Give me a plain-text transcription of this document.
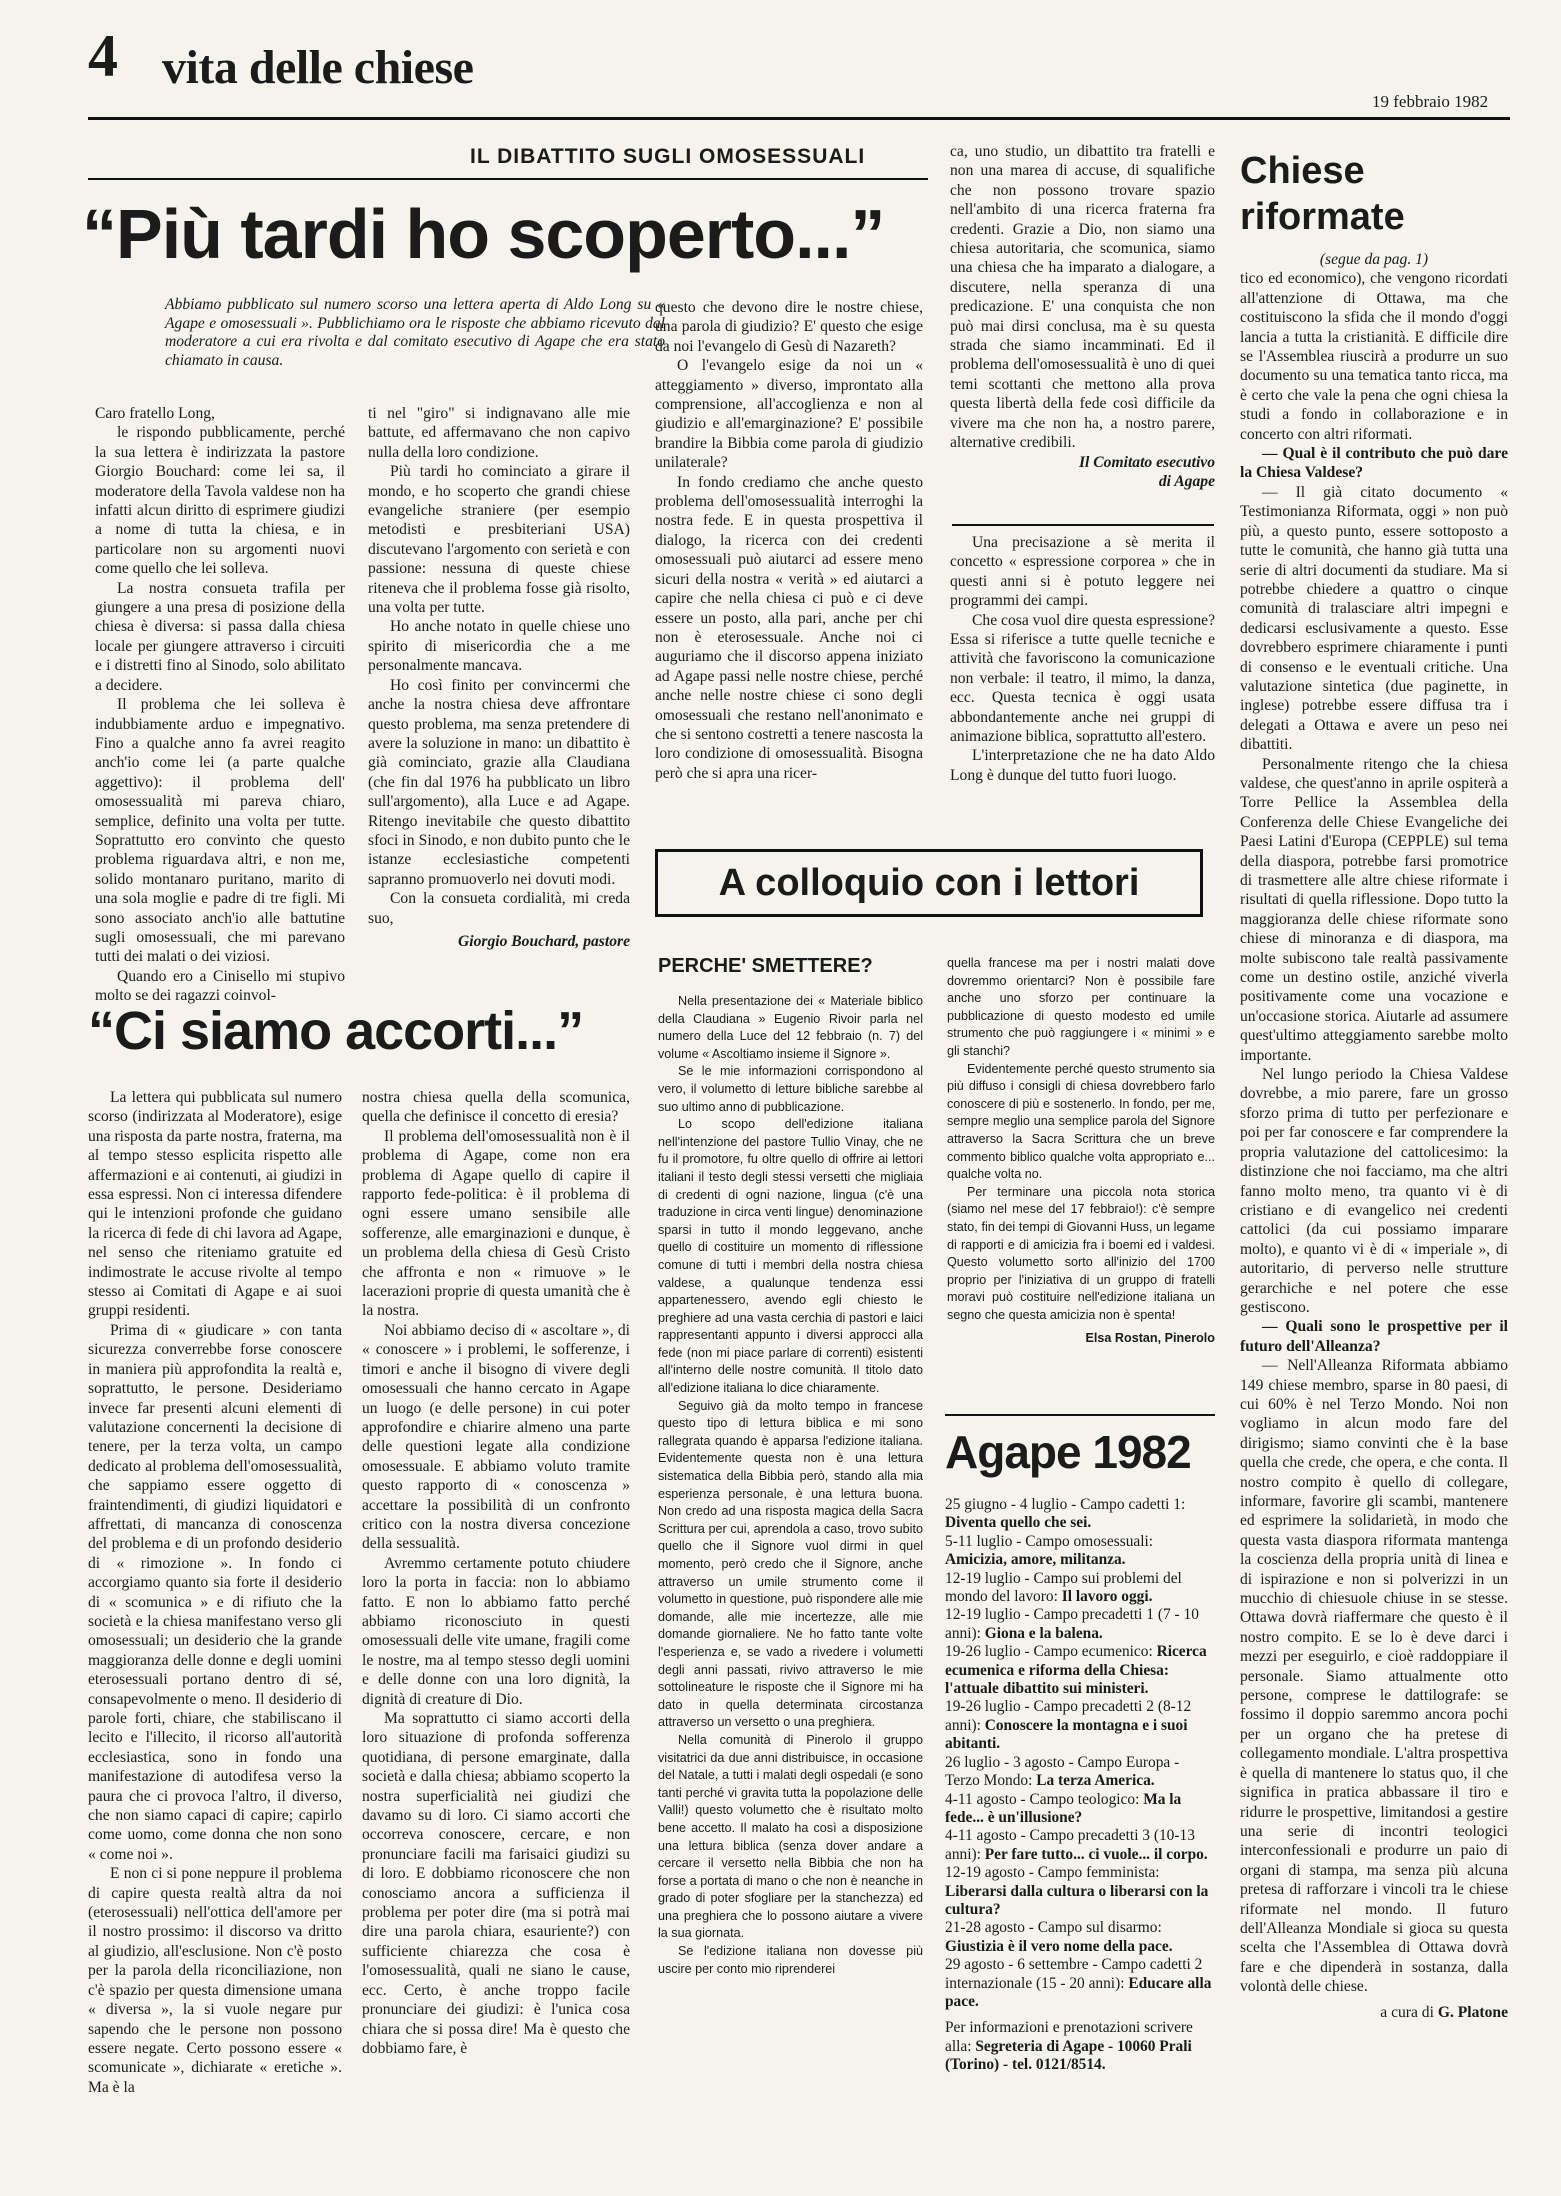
4 vita delle chiese
19 febbraio 1982
IL DIBATTITO SUGLI OMOSESSUALI
“Più tardi ho scoperto...”
Abbiamo pubblicato sul numero scorso una lettera aperta di Aldo Long su « Agape e omosessuali ». Pubblichiamo ora le risposte che abbiamo ricevuto dal moderatore a cui era rivolta e dal comitato esecutivo di Agape che era stato chiamato in causa.

Caro fratello Long,

le rispondo pubblicamente, perché la sua lettera è indirizzata la pastore Giorgio Bouchard: come lei sa, il moderatore della Tavola valdese non ha infatti alcun diritto di esprimere giudizi a nome di tutta la chiesa, e in particolare non su argomenti nuovi come quello che lei solleva.

La nostra consueta trafila per giungere a una presa di posizione della chiesa è diversa: si passa dalla chiesa locale per giungere attraverso i circuiti e i distretti fino al Sinodo, solo abilitato a decidere.

Il problema che lei solleva è indubbiamente arduo e impegnativo. Fino a qualche anno fa avrei reagito anch'io come lei (a parte qualche aggettivo): il problema dell' omosessualità mi pareva chiaro, semplice, definito una volta per tutte. Soprattutto ero convinto che questo problema riguardava altri, e non me, solido montanaro puritano, marito di una sola moglie e padre di tre figli. Mi sono associato anch'io alle battutine sugli omosessuali, che mi parevano tutti dei malati o dei viziosi.

Quando ero a Cinisello mi stupivo molto se dei ragazzi coinvol-

ti nel "giro" si indignavano alle mie battute, ed affermavano che non capivo nulla della loro condizione.

Più tardi ho cominciato a girare il mondo, e ho scoperto che grandi chiese evangeliche straniere (per esempio metodisti e presbiteriani USA) discutevano l'argomento con serietà e con passione: nessuna di queste chiese riteneva che il problema fosse già risolto, una volta per tutte.

Ho anche notato in quelle chiese uno spirito di misericordia che a me personalmente mancava.

Ho così finito per convincermi che anche la nostra chiesa deve affrontare questo problema, ma senza pretendere di avere la soluzione in mano: un dibattito è già cominciato, grazie alla Claudiana (che fin dal 1976 ha pubblicato un libro sull'argomento), alla Luce e ad Agape. Ritengo inevitabile che questo dibattito sfoci in Sinodo, e non dubito punto che le istanze ecclesiastiche competenti sapranno promuoverlo nei dovuti modi.

Con la consueta cordialità, mi creda suo,

Giorgio Bouchard, pastore

questo che devono dire le nostre chiese, una parola di giudizio? E' questo che esige da noi l'evangelo di Gesù di Nazareth?

O l'evangelo esige da noi un « atteggiamento » diverso, improntato alla comprensione, all'accoglienza e non al giudizio e all'emarginazione? E' possibile brandire la Bibbia come parola di giudizio unilaterale?

In fondo crediamo che anche questo problema dell'omosessualità interroghi la nostra fede. E in questa prospettiva il dialogo, la ricerca con dei credenti omosessuali può aiutarci ad essere meno sicuri della nostra « verità » ed aiutarci a capire che nella chiesa ci può e ci deve essere un posto, alla pari, anche per chi non è eterosessuale. Anche noi ci auguriamo che il discorso appena iniziato ad Agape passi nelle nostre chiese, perché anche nelle nostre chiese ci sono degli omosessuali che restano nell'anonimato e che si sentono costretti a tenere nascosta la loro condizione di omosessualità. Bisogna però che si apra una ricer-

ca, uno studio, un dibattito tra fratelli e non una marea di accuse, di squalifiche che non possono trovare spazio nell'ambito di una ricerca fraterna fra credenti. Grazie a Dio, non siamo una chiesa autoritaria, che scomunica, siamo una chiesa che ha imparato a dialogare, a discutere, nella speranza di una predicazione. E' una conquista che non può mai dirsi conclusa, ma è su questa strada che siamo incamminati. Ed il problema dell'omosessualità è uno di quei temi scottanti che mettono alla prova questa libertà della fede così difficile da vivere ma che non ha, a nostro parere, alternative credibili.

Il Comitato esecutivo
di Agape

Una precisazione a sè merita il concetto « espressione corporea » che in questi anni si è potuto leggere nei programmi dei campi.

Che cosa vuol dire questa espressione? Essa si riferisce a tutte quelle tecniche e attività che favoriscono la comunicazione non verbale: il teatro, il mimo, la danza, ecc. Questa tecnica è oggi usata abbondantemente anche nei gruppi di animazione biblica, soprattutto all'estero.

L'interpretazione che ne ha dato Aldo Long è dunque del tutto fuori luogo.

“Ci siamo accorti...”

La lettera qui pubblicata sul numero scorso (indirizzata al Moderatore), esige una risposta da parte nostra, fraterna, ma al tempo stesso esplicita rispetto alle affermazioni e ai contenuti, ai giudizi in essa espressi. Non ci interessa difendere qui le intenzioni profonde che guidano la ricerca di fede di chi lavora ad Agape, nel senso che riteniamo gratuite ed indimostrate le accuse rivolte al tempo stesso ai Comitati di Agape e ai suoi gruppi residenti.

Prima di « giudicare » con tanta sicurezza converrebbe forse conoscere in maniera più approfondita la realtà e, soprattutto, le persone. Desideriamo invece far presenti alcuni elementi di valutazione concernenti la decisione di tenere, per la terza volta, un campo dedicato al problema dell'omosessualità, che sappiamo essere oggetto di fraintendimenti, di giudizi liquidatori e affrettati, di mancanza di conoscenza del problema e di un profondo desiderio di « rimozione ». In fondo ci accorgiamo quanto sia forte il desiderio di « scomunica » e di rifiuto che la società e la chiesa manifestano verso gli omosessuali; un desiderio che la grande maggioranza delle donne e degli uomini eterosessuali portano dentro di sé, consapevolmente o meno. Il desiderio di parole forti, chiare, che stabiliscano il lecito e l'illecito, il ricorso all'autorità ecclesiastica, sono in fondo una manifestazione di autodifesa verso la paura che ci provoca l'altro, il diverso, che non siamo capaci di capire; capirlo come uomo, come donna che non sono « come noi ».

E non ci si pone neppure il problema di capire questa realtà altra da noi (eterosessuali) nell'ottica dell'amore per il nostro prossimo: il discorso va dritto al giudizio, all'esclusione. Non c'è posto per la parola della riconciliazione, non c'è spazio per questa dimensione umana « diversa », la si vuole negare pur sapendo che le persone non possono essere negate. Certo possono essere « scomunicate », dichiarate « eretiche ». Ma è la

nostra chiesa quella della scomunica, quella che definisce il concetto di eresia?

Il problema dell'omosessualità non è il problema di Agape, come non era problema di Agape quello di capire il rapporto fede-politica: è il problema di ogni essere umano sensibile alle sofferenze, alle emarginazioni e dunque, è un problema della chiesa di Gesù Cristo che affronta e non « rimuove » le lacerazioni proprie di questa umanità che è la nostra.

Noi abbiamo deciso di « ascoltare », di « conoscere » i problemi, le sofferenze, i timori e anche il bisogno di vivere degli omosessuali che hanno cercato in Agape un luogo (e delle persone) in cui poter approfondire e chiarire almeno una parte delle questioni legate alla condizione omosessuale. E abbiamo voluto tramite questo rapporto di « conoscenza » accettare la possibilità di un confronto critico con la nostra diversa concezione della sessualità.

Avremmo certamente potuto chiudere loro la porta in faccia: non lo abbiamo fatto. E non lo abbiamo fatto perché abbiamo riconosciuto in questi omosessuali delle vite umane, fragili come le nostre, ma al tempo stesso degli uomini e delle donne con una loro dignità, la dignità di creature di Dio.

Ma soprattutto ci siamo accorti della loro situazione di profonda sofferenza quotidiana, di persone emarginate, dalla società e dalla chiesa; abbiamo scoperto la nostra superficialità nei giudizi che davamo su di loro. Ci siamo accorti che occorreva conoscere, cercare, e non pronunciare facili ma farisaici giudizi su di loro. E dobbiamo riconoscere che non conosciamo ancora a sufficienza il problema per poter dire (ma si potrà mai dire una parola chiara, esauriente?) con sufficiente chiarezza che cosa è l'omosessualità, quali ne siano le cause, ecc. Certo, è anche troppo facile pronunciare dei giudizi: è l'unica cosa chiara che si possa dire! Ma è questo che dobbiamo fare, è

A colloquio con i lettori
PERCHE' SMETTERE?

Nella presentazione dei « Materiale biblico della Claudiana » Eugenio Rivoir parla nel numero della Luce del 12 febbraio (n. 7) del volume « Ascoltiamo insieme il Signore ».

Se le mie informazioni corrispondono al vero, il volumetto di letture bibliche sarebbe al suo ultimo anno di pubblicazione.

Lo scopo dell'edizione italiana nell'intenzione del pastore Tullio Vinay, che ne fu il promotore, fu oltre quello di offrire ai lettori italiani il testo degli stessi versetti che migliaia di credenti di ogni nazione, lingua (c'è una traduzione in circa venti lingue) denominazione sparsi in tutto il mondo leggevano, anche quello di costituire un momento di riflessione comune di tutti i membri della nostra chiesa valdese, a qualunque tendenza essi appartenessero, avendo egli chiesto le preghiere ad una vasta cerchia di pastori e laici rappresentanti appunto i diversi approcci alla fede (non mi piace parlare di correnti) esistenti all'interno delle nostre comunità. Il titolo dato all'edizione italiana lo dice chiaramente.

Seguivo già da molto tempo in francese questo tipo di lettura biblica e mi sono rallegrata quando è apparsa l'edizione italiana. Evidentemente questa non è una lettura sistematica della Bibbia però, stando alla mia esperienza personale, è una lettura buona. Non credo ad una risposta magica della Sacra Scrittura per cui, aprendola a caso, trovo subito quello che il Signore vuol dirmi in quel momento, però credo che il Signore, anche attraverso un umile strumento come il volumetto in questione, può rispondere alle mie domande, alle mie incertezze, alle mie domande giornaliere. Ne ho fatto tante volte l'esperienza e, se vado a rivedere i volumetti degli anni passati, rivivo attraverso le mie sottolineature le risposte che il Signore mi ha dato in quella determinata circostanza attraverso un versetto o una preghiera.

Nella comunità di Pinerolo il gruppo visitatrici da due anni distribuisce, in occasione del Natale, a tutti i malati degli ospedali (e sono tanti perché vi gravita tutta la popolazione delle Valli!) questo volumetto che è risultato molto bene accetto. Il malato ha così a disposizione una lettura biblica (senza dover andare a cercare il versetto nella Bibbia che non ha forse a portata di mano o che non è neanche in grado di poter sfogliare per la stanchezza) ed una preghiera che lo possono aiutare a vivere la sua giornata.

Se l'edizione italiana non dovesse più uscire per conto mio riprenderei

quella francese ma per i nostri malati dove dovremmo orientarci? Non è possibile fare anche uno sforzo per continuare la pubblicazione di questo modesto ed umile strumento che può raggiungere i « minimi » e gli stanchi?

Evidentemente perché questo strumento sia più diffuso i consigli di chiesa dovrebbero farlo conoscere di più e sostenerlo. In fondo, per me, sempre meglio una semplice parola del Signore attraverso la Sacra Scrittura che un breve commento biblico qualche volta appropriato e... qualche volta no.

Per terminare una piccola nota storica (siamo nel mese del 17 febbraio!): c'è sempre stato, fin dei tempi di Giovanni Huss, un legame di rapporti e di amicizia fra i boemi ed i valdesi. Questo volumetto sorto all'inizio del 1700 proprio per l'iniziativa di un gruppo di fratelli moravi può costituire nell'edizione italiana un segno che questa amicizia non è spenta!

Elsa Rostan, Pinerolo
Agape 1982
25 giugno - 4 luglio - Campo cadetti 1: Diventa quello che sei.
5-11 luglio - Campo omosessuali: Amicizia, amore, militanza.
12-19 luglio - Campo sui problemi del mondo del lavoro: Il lavoro oggi.
12-19 luglio - Campo precadetti 1 (7 - 10 anni): Giona e la balena.
19-26 luglio - Campo ecumenico: Ricerca ecumenica e riforma della Chiesa: l'attuale dibattito sui ministeri.
19-26 luglio - Campo precadetti 2 (8-12 anni): Conoscere la montagna e i suoi abitanti.
26 luglio - 3 agosto - Campo Europa - Terzo Mondo: La terza America.
4-11 agosto - Campo teologico: Ma la fede... è un'illusione?
4-11 agosto - Campo precadetti 3 (10-13 anni): Per fare tutto... ci vuole... il corpo.
12-19 agosto - Campo femminista: Liberarsi dalla cultura o liberarsi con la cultura?
21-28 agosto - Campo sul disarmo: Giustizia è il vero nome della pace.
29 agosto - 6 settembre - Campo cadetti 2 internazionale (15 - 20 anni): Educare alla pace.
Per informazioni e prenotazioni scrivere alla: Segreteria di Agape - 10060 Prali (Torino) - tel. 0121/8514.
Chiese
riformate
(segue da pag. 1)

tico ed economico), che vengono ricordati all'attenzione di Ottawa, ma che costituiscono la sfida che il mondo d'oggi lancia a tutta la cristianità. E difficile dire se l'Assemblea riuscirà a produrre un suo documento su una tematica tanto ricca, ma è certo che vale la pena che ogni chiesa la studi a fondo in collaborazione e in concerto con altri riformati.

— Qual è il contributo che può dare la Chiesa Valdese?

— Il già citato documento « Testimonianza Riformata, oggi » non può più, a questo punto, essere sottoposto a tutte le comunità, che hanno già tutta una serie di altri documenti da studiare. Ma si potrebbe chiedere a quattro o cinque comunità di tralasciare altri impegni e dedicarsi esclusivamente a questo. Esse dovrebbero esprimere chiaramente i punti di consenso e le eventuali critiche. Una valutazione sintetica (due paginette, in inglese) potrebbe essere diffusa tra i delegati a Ottawa e avere un peso nei dibattiti.

Personalmente ritengo che la chiesa valdese, che quest'anno in aprile ospiterà a Torre Pellice la Assemblea della Conferenza delle Chiese Evangeliche dei Paesi Latini d'Europa (CEPPLE) sul tema della diaspora, potrebbe farsi promotrice di trasmettere alle altre chiese riformate i risultati di quella riflessione. Dopo tutto la maggioranza delle chiese riformate sono chiese di minoranza e di diaspora, ma molte subiscono tale realtà passivamente come un destino ostile, anziché viverla positivamente come una vocazione e un'occasione storica. Aiutarle ad assumere quest'ultimo atteggiamento sarebbe molto importante.

Nel lungo periodo la Chiesa Valdese dovrebbe, a mio parere, fare un grosso sforzo prima di tutto per perfezionare e poi per far conoscere e far comprendere la propria valutazione del cattolicesimo: la distinzione che noi facciamo, ma che altri fanno molto meno, tra quanto vi è di cristiano e di evangelico nei credenti cattolici (da cui possiamo imparare molto), e quanto vi è di « imperiale », di autoritario, di perverso nelle strutture gerarchiche e nel potere che esse gestiscono.

— Quali sono le prospettive per il futuro dell'Alleanza?

— Nell'Alleanza Riformata abbiamo 149 chiese membro, sparse in 80 paesi, di cui 60% è nel Terzo Mondo. Noi non vogliamo in alcun modo fare del dirigismo; siamo convinti che è la base quella che crede, che opera, e che conta. Il nostro compito è quello di collegare, informare, favorire gli scambi, mantenere ed esprimere la solidarietà, in modo che questa vasta diaspora riformata mantenga la coscienza della propria unità di linea e di ispirazione e non si polverizzi in un mucchio di chiesuole chiuse in se stesse. Ottawa dovrà riaffermare che questo è il nostro compito. E se lo è deve darci i mezzi per eseguirlo, e cioè raddoppiare il personale. Siamo attualmente otto persone, comprese le dattilografe: se fossimo il doppio saremmo ancora pochi per un organo che ha pretese di collegamento mondiale. L'altra prospettiva è quella di mantenere lo status quo, il che significa in pratica abbassare il tiro e ridurre le prospettive, limitandosi a gestire una serie di incontri teologici interconfessionali e produrre un paio di organi di stampa, ma senza più alcuna pretesa di rafforzare i vincoli tra le chiese riformate nel mondo. Il futuro dell'Alleanza Mondiale si gioca su questa scelta che l'Assemblea di Ottawa dovrà fare e che dipenderà in sostanza, dalla volontà delle chiese.

a cura di G. Platone
